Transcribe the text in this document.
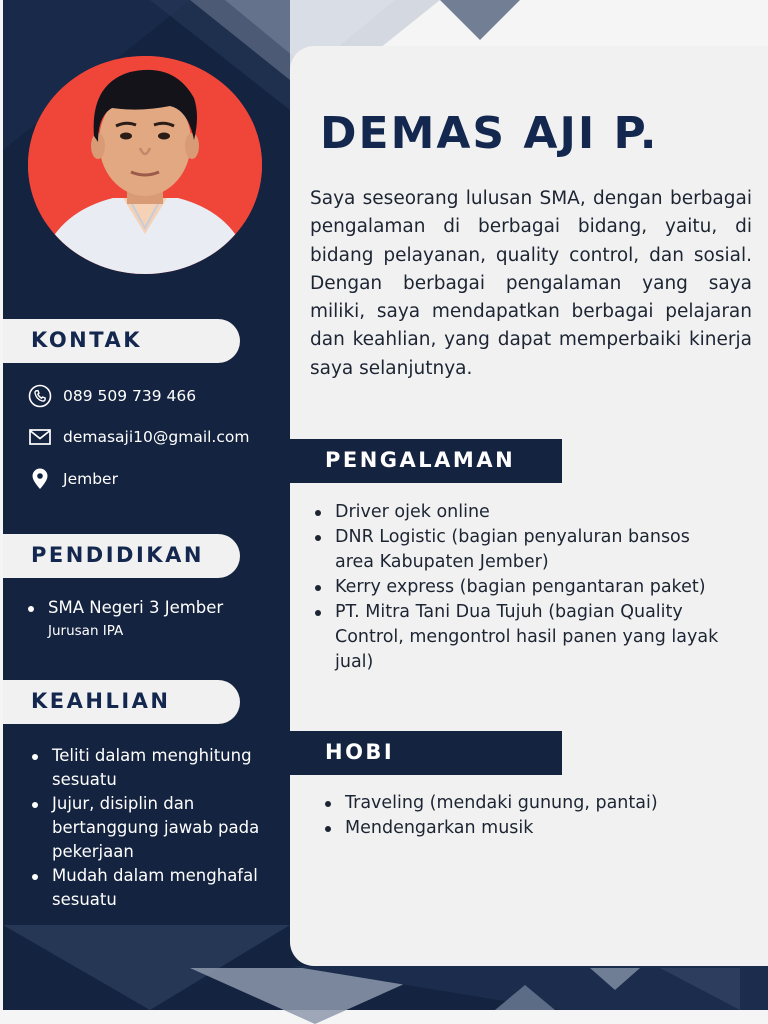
DEMAS AJI P.

Saya seseorang lulusan SMA, dengan berbagai pengalaman di berbagai bidang, yaitu, di bidang pelayanan, quality control, dan sosial. Dengan berbagai pengalaman yang saya miliki, saya mendapatkan berbagai pelajaran dan keahlian, yang dapat memperbaiki kinerja saya selanjutnya.

KONTAK
089 509 739 466
demasaji10@gmail.com
Jember
PENDIDIKAN
SMA Negeri 3 Jember
Jurusan IPA
KEAHLIAN
Teliti dalam menghitung sesuatu
Jujur, disiplin dan bertanggung jawab pada pekerjaan
Mudah dalam menghafal sesuatu
PENGALAMAN
Driver ojek online
DNR Logistic (bagian penyaluran bansos area Kabupaten Jember)
Kerry express (bagian pengantaran paket)
PT. Mitra Tani Dua Tujuh (bagian Quality Control, mengontrol hasil panen yang layak jual)
HOBI
Traveling (mendaki gunung, pantai)
Mendengarkan musik
